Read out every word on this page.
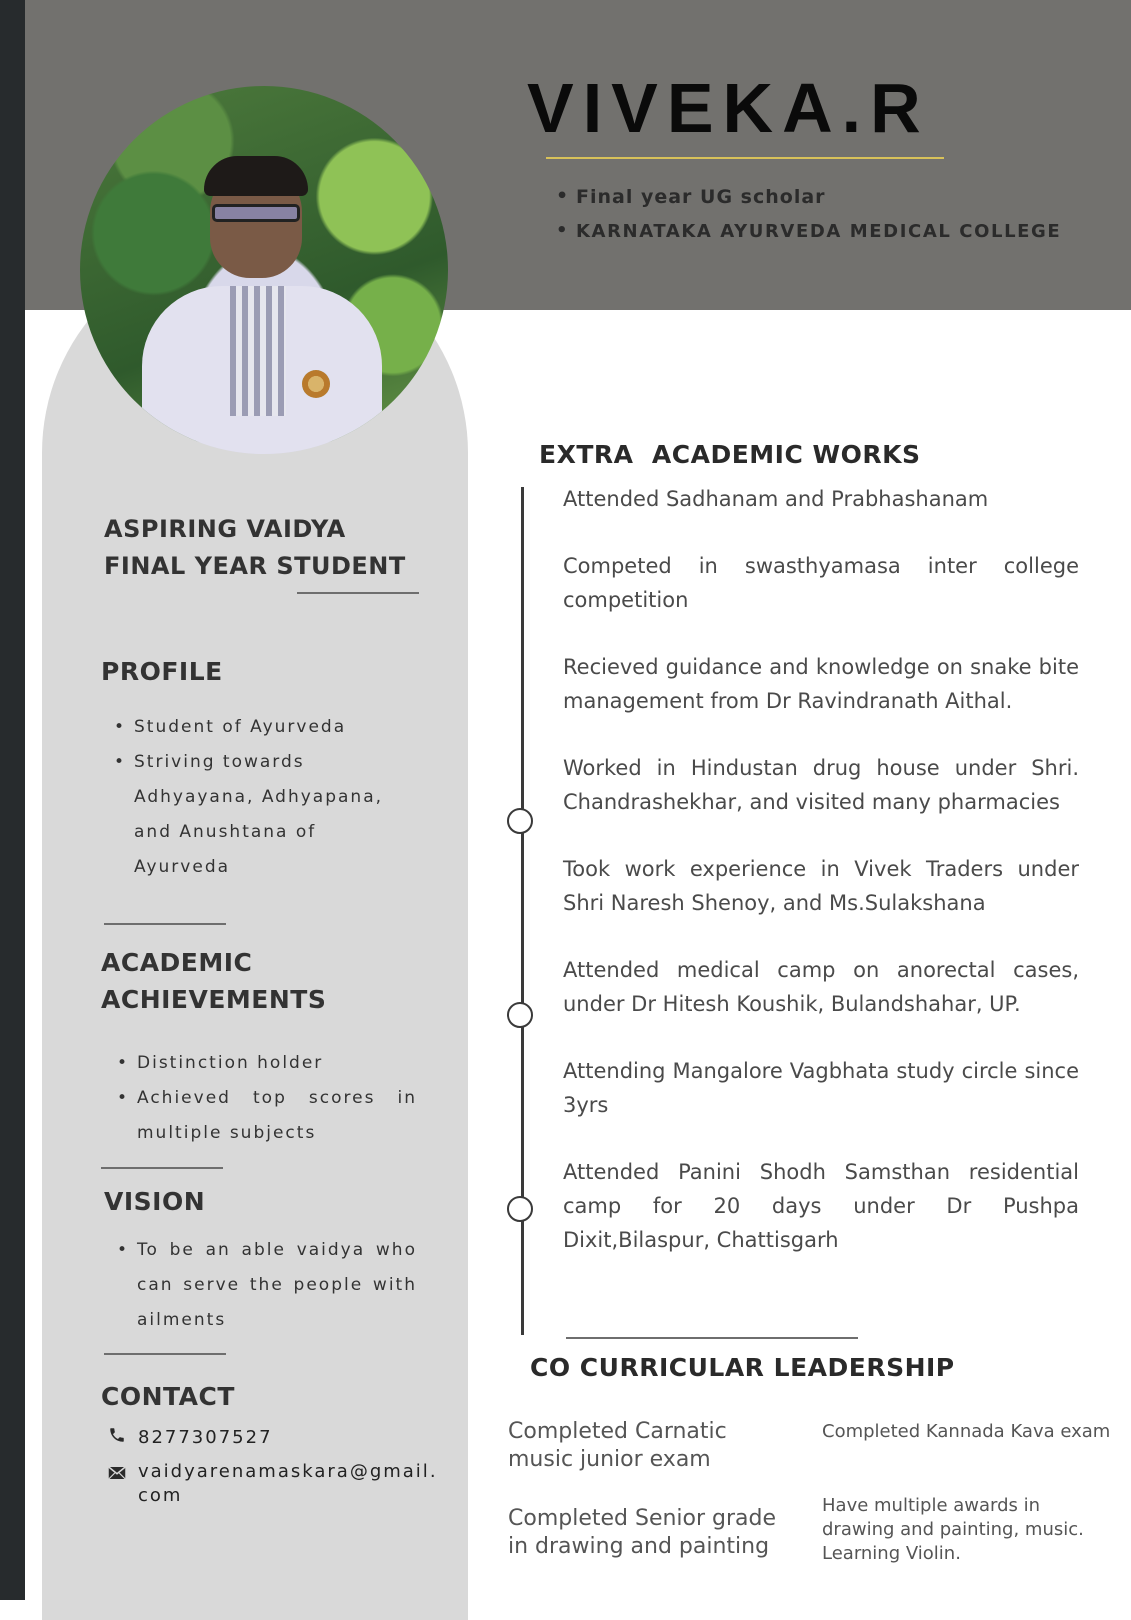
VIVEKA.R
• Final year UG scholar
• KARNATAKA AYURVEDA MEDICAL COLLEGE
ASPIRING VAIDYA
FINAL YEAR STUDENT
PROFILE
• Student of Ayurveda
• Striving towards Adhyayana, Adhyapana, and Anushtana of Ayurveda
ACADEMIC
ACHIEVEMENTS
• Distinction holder
• Achieved top scores in multiple subjects
VISION
• To be an able vaidya who can serve the people with ailments
CONTACT
8277307527
vaidyarenamaskara@gmail.com
EXTRA  ACADEMIC WORKS
Attended Sadhanam and Prabhashanam
Competed in swasthyamasa inter college competition
Recieved guidance and knowledge on snake bite management from Dr Ravindranath Aithal.
Worked in Hindustan drug house under Shri. Chandrashekhar, and visited many pharmacies
Took work experience in Vivek Traders under Shri Naresh Shenoy, and Ms.Sulakshana
Attended medical camp on anorectal cases, under Dr Hitesh Koushik, Bulandshahar, UP.
Attending Mangalore Vagbhata study circle since 3yrs
Attended Panini Shodh Samsthan residential camp for 20 days under Dr Pushpa Dixit,Bilaspur, Chattisgarh
CO CURRICULAR LEADERSHIP
Completed Carnatic music junior exam
Completed Kannada Kava exam
Completed Senior grade in drawing and painting
Have multiple awards in drawing and painting, music. Learning Violin.
